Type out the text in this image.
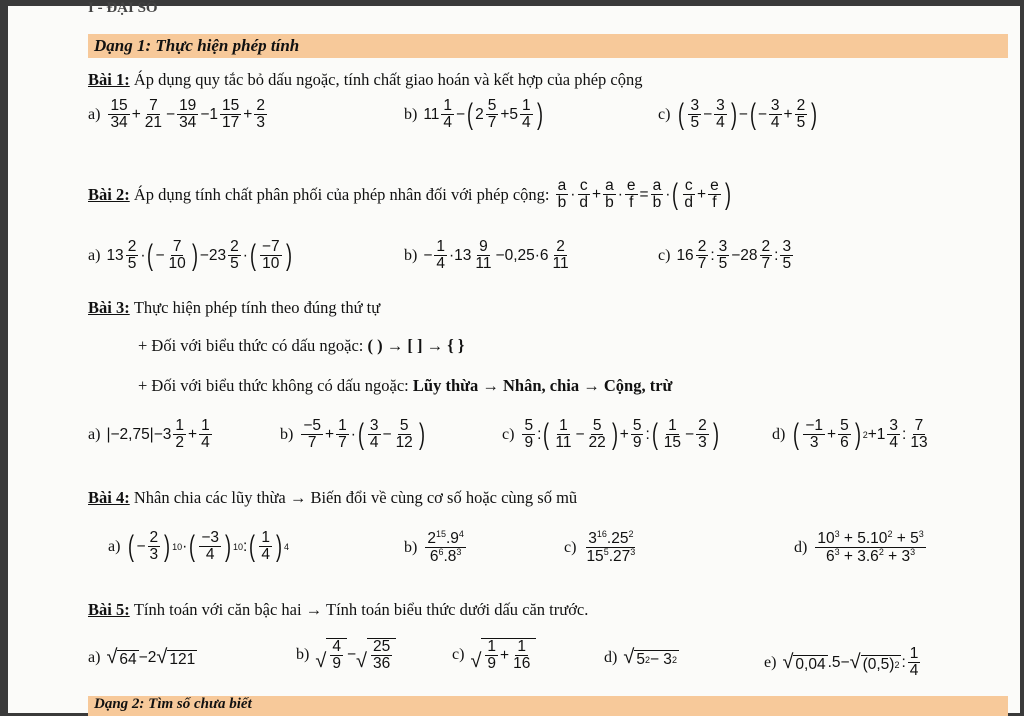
I - ĐẠI SỐ
Dạng 1: Thực hiện phép tính
Bài 1:
Áp dụng quy tắc bỏ dấu ngoặc, tính chất giao hoán và kết hợp của phép cộng
a)
15
34 +
7
21 −
19
34 −1
15
17 +
2
3	b) 11
1
4 − ( 2
5
7 +5
1
4 )	c) ( 3
5 −
3
4 ) − ( −
3
4 +
2
5 )
Bài 2:
Áp dụng tính chất phân phối của phép nhân đối với phép cộng:
a
b ·
c
d +
a
b ·
e
f =
a
b · ( c
d +
e
f )
a) 13
2
5 · ( −
7
10 ) −23
2
5 · ( −7
10 )	b) −
1
4 ·13
9
11 −0,25·6
2
11	c) 16
2
7 :
3
5 −28
2
7 :
3
5
Bài 3:
Thực hiện phép tính theo đúng thứ tự
+ Đối với biểu thức có dấu ngoặc:
( ) → [ ] → { }
+ Đối với biểu thức không có dấu ngoặc:
Lũy thừa → Nhân, chia → Cộng, trừ
a) |−2,75|−3
1
2 +
1
4	b)
−5
7 +
1
7 · ( 3
4 −
5
12 )	c)
5
9 : ( 1
11 −
5
22 ) +
5
9 : ( 1
15 −
2
3 )	d) ( −1
3 +
5
6 ) 2 +1
3
4 :
7
13
Bài 4:
Nhân chia các lũy thừa → Biến đổi về cùng cơ số hoặc cùng số mũ
a) ( −
2
3 ) 10 · ( −3
4 ) 10 : ( 1
4 ) 4	b)
$2^{15}.9^4$
$6^6.8^3$	c)
$3^{16}.25^2$
$15^5.27^3$	d)
$10^3 + 5.10^2 + 5^3$
$6^3 + 3.6^2 + 3^3$
Bài 5:
Tính toán với căn bậc hai → Tính toán biểu thức dưới dấu căn trước.
a) √ 64 −2 √ 121	b) √
4
9
− √
25
36
c) √
1
9 +
1
16	d) √ 5 2 − 3 2	e) √ 0,04 .5− √ (0,5) 2 :
1
4
Dạng 2: Tìm số chưa biết
